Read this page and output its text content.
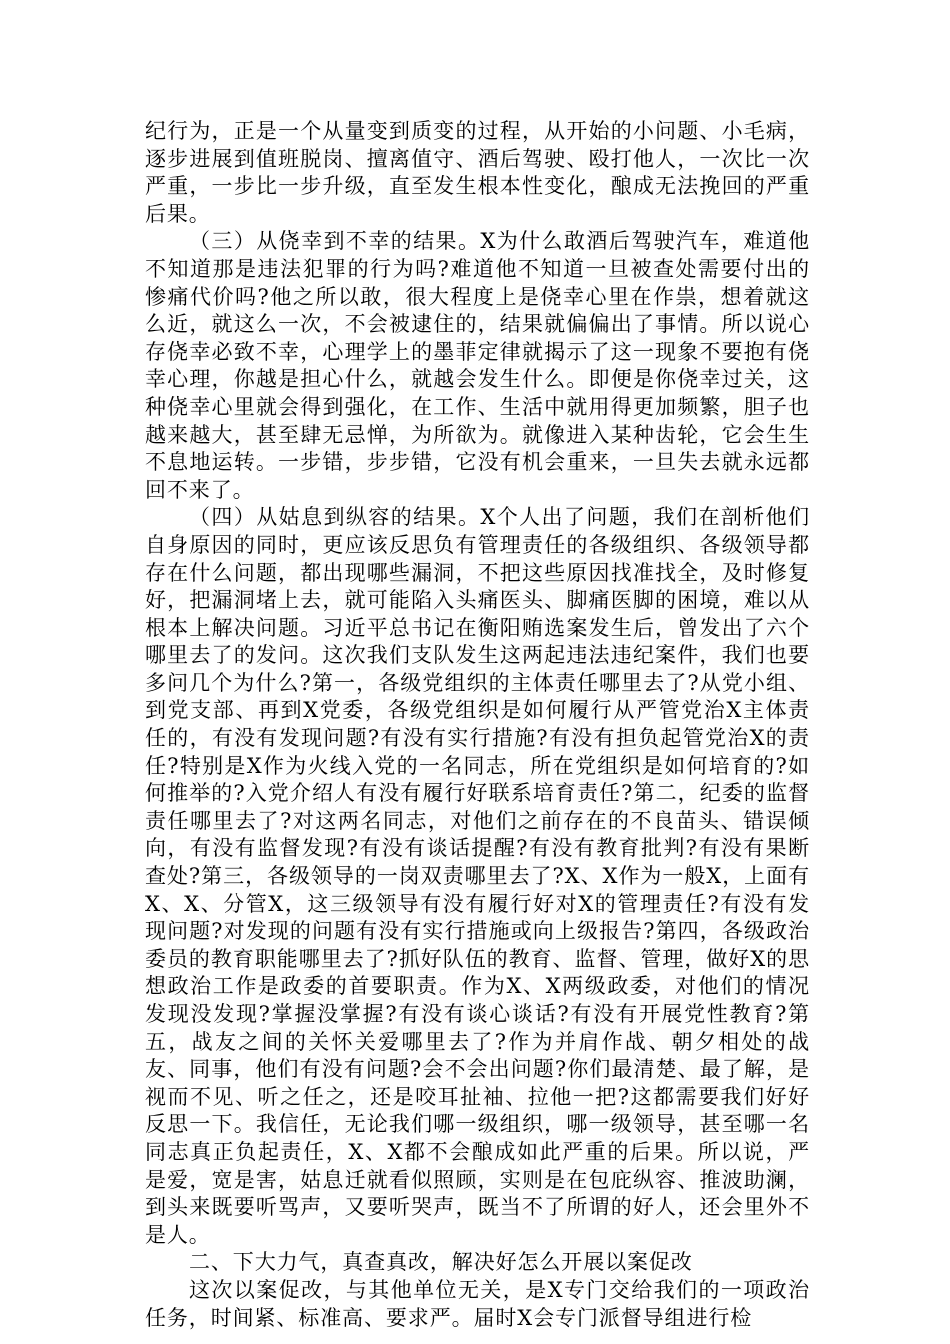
纪行为，正是一个从量变到质变的过程，从开始的小问题、小毛病，逐步进展到值班脱岗、擅离值守、酒后驾驶、殴打他人，一次比一次严重，一步比一步升级，直至发生根本性变化，酿成无法挽回的严重后果。

（三）从侥幸到不幸的结果。X为什么敢酒后驾驶汽车，难道他不知道那是违法犯罪的行为吗?难道他不知道一旦被查处需要付出的惨痛代价吗?他之所以敢，很大程度上是侥幸心里在作祟，想着就这么近，就这么一次，不会被逮住的，结果就偏偏出了事情。所以说心存侥幸必致不幸，心理学上的墨菲定律就揭示了这一现象不要抱有侥幸心理，你越是担心什么，就越会发生什么。即便是你侥幸过关，这种侥幸心里就会得到强化，在工作、生活中就用得更加频繁，胆子也越来越大，甚至肆无忌惮，为所欲为。就像进入某种齿轮，它会生生不息地运转。一步错，步步错，它没有机会重来，一旦失去就永远都回不来了。

（四）从姑息到纵容的结果。X个人出了问题，我们在剖析他们自身原因的同时，更应该反思负有管理责任的各级组织、各级领导都存在什么问题，都出现哪些漏洞，不把这些原因找准找全，及时修复好，把漏洞堵上去，就可能陷入头痛医头、脚痛医脚的困境，难以从根本上解决问题。习近平总书记在衡阳贿选案发生后，曾发出了六个哪里去了的发问。这次我们支队发生这两起违法违纪案件，我们也要多问几个为什么?第一，各级党组织的主体责任哪里去了?从党小组、到党支部、再到X党委，各级党组织是如何履行从严管党治X主体责任的，有没有发现问题?有没有实行措施?有没有担负起管党治X的责任?特别是X作为火线入党的一名同志，所在党组织是如何培育的?如何推举的?入党介绍人有没有履行好联系培育责任?第二，纪委的监督责任哪里去了?对这两名同志，对他们之前存在的不良苗头、错误倾向，有没有监督发现?有没有谈话提醒?有没有教育批判?有没有果断查处?第三，各级领导的一岗双责哪里去了?X、X作为一般X，上面有X、X、分管X，这三级领导有没有履行好对X的管理责任?有没有发现问题?对发现的问题有没有实行措施或向上级报告?第四，各级政治委员的教育职能哪里去了?抓好队伍的教育、监督、管理，做好X的思想政治工作是政委的首要职责。作为X、X两级政委，对他们的情况发现没发现?掌握没掌握?有没有谈心谈话?有没有开展党性教育?第五，战友之间的关怀关爱哪里去了?作为并肩作战、朝夕相处的战友、同事，他们有没有问题?会不会出问题?你们最清楚、最了解，是视而不见、听之任之，还是咬耳扯袖、拉他一把?这都需要我们好好反思一下。我信任，无论我们哪一级组织，哪一级领导，甚至哪一名同志真正负起责任，X、X都不会酿成如此严重的后果。所以说，严是爱，宽是害，姑息迁就看似照顾，实则是在包庇纵容、推波助澜，到头来既要听骂声，又要听哭声，既当不了所谓的好人，还会里外不是人。

二、下大力气，真查真改，解决好怎么开展以案促改

这次以案促改，与其他单位无关，是X专门交给我们的一项政治任务，时间紧、标准高、要求严。届时X会专门派督导组进行检
